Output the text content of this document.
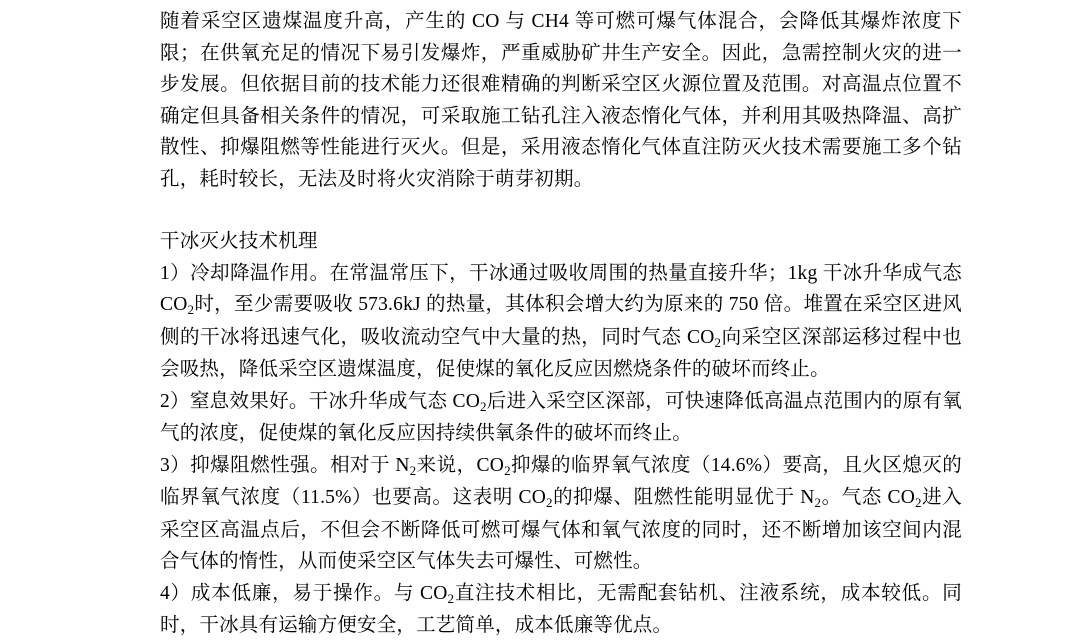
随着采空区遗煤温度升高，产生的 CO 与 CH4 等可燃可爆气体混合，会降低其爆炸浓度下限；在供氧充足的情况下易引发爆炸，严重威胁矿井生产安全。因此，急需控制火灾的进一步发展。但依据目前的技术能力还很难精确的判断采空区火源位置及范围。对高温点位置不确定但具备相关条件的情况，可采取施工钻孔注入液态惰化气体，并利用其吸热降温、高扩散性、抑爆阻燃等性能进行灭火。但是，采用液态惰化气体直注防灭火技术需要施工多个钻孔，耗时较长，无法及时将火灾消除于萌芽初期。

干冰灭火技术机理

1）冷却降温作用。在常温常压下，干冰通过吸收周围的热量直接升华；1kg 干冰升华成气态 $CO_2$时，至少需要吸收 573.6kJ 的热量，其体积会增大约为原来的 750 倍。堆置在采空区进风侧的干冰将迅速气化，吸收流动空气中大量的热，同时气态 $CO_2$向采空区深部运移过程中也会吸热，降低采空区遗煤温度，促使煤的氧化反应因燃烧条件的破坏而终止。

2）窒息效果好。干冰升华成气态 $CO_2$后进入采空区深部，可快速降低高温点范围内的原有氧气的浓度，促使煤的氧化反应因持续供氧条件的破坏而终止。

3）抑爆阻燃性强。相对于 $N_2$来说，$CO_2$抑爆的临界氧气浓度（14.6%）要高，且火区熄灭的临界氧气浓度（11.5%）也要高。这表明 $CO_2$的抑爆、阻燃性能明显优于 $N_2$。气态 $CO_2$进入采空区高温点后，不但会不断降低可燃可爆气体和氧气浓度的同时，还不断增加该空间内混合气体的惰性，从而使采空区气体失去可爆性、可燃性。

4）成本低廉，易于操作。与 $CO_2$直注技术相比，无需配套钻机、注液系统，成本较低。同时，干冰具有运输方便安全，工艺简单，成本低廉等优点。
